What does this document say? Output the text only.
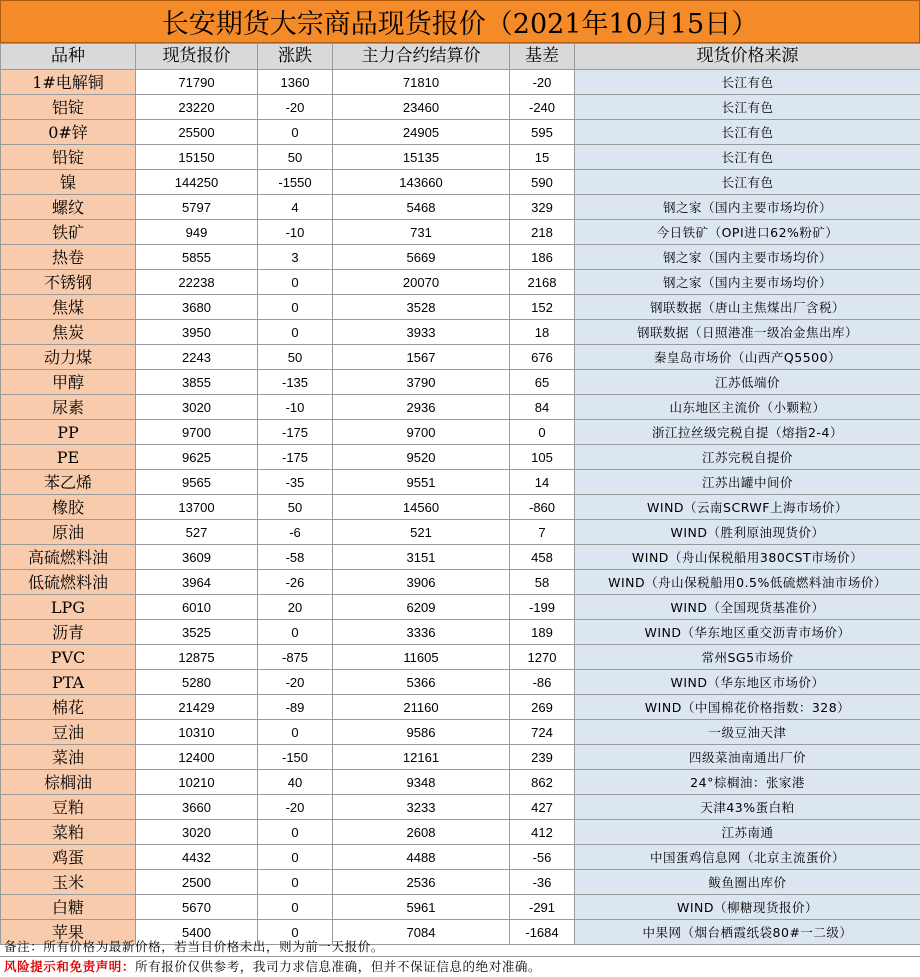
长安期货大宗商品现货报价（2021年10月15日）
品种	现货报价	涨跌	主力合约结算价	基差	现货价格来源
1#电解铜	71790	1360	71810	-20	长江有色
铝锭	23220	-20	23460	-240	长江有色
0#锌	25500	0	24905	595	长江有色
铅锭	15150	50	15135	15	长江有色
镍	144250	-1550	143660	590	长江有色
螺纹	5797	4	5468	329	钢之家（国内主要市场均价）
铁矿	949	-10	731	218	今日铁矿（OPI进口62%粉矿）
热卷	5855	3	5669	186	钢之家（国内主要市场均价）
不锈钢	22238	0	20070	2168	钢之家（国内主要市场均价）
焦煤	3680	0	3528	152	钢联数据（唐山主焦煤出厂含税）
焦炭	3950	0	3933	18	钢联数据（日照港准一级冶金焦出库）
动力煤	2243	50	1567	676	秦皇岛市场价（山西产Q5500）
甲醇	3855	-135	3790	65	江苏低端价
尿素	3020	-10	2936	84	山东地区主流价（小颗粒）
PP	9700	-175	9700	0	浙江拉丝级完税自提（熔指2-4）
PE	9625	-175	9520	105	江苏完税自提价
苯乙烯	9565	-35	9551	14	江苏出罐中间价
橡胶	13700	50	14560	-860	WIND（云南SCRWF上海市场价）
原油	527	-6	521	7	WIND（胜利原油现货价）
高硫燃料油	3609	-58	3151	458	WIND（舟山保税船用380CST市场价）
低硫燃料油	3964	-26	3906	58	WIND（舟山保税船用0.5%低硫燃料油市场价）
LPG	6010	20	6209	-199	WIND（全国现货基准价）
沥青	3525	0	3336	189	WIND（华东地区重交沥青市场价）
PVC	12875	-875	11605	1270	常州SG5市场价
PTA	5280	-20	5366	-86	WIND（华东地区市场价）
棉花	21429	-89	21160	269	WIND（中国棉花价格指数：328）
豆油	10310	0	9586	724	一级豆油天津
菜油	12400	-150	12161	239	四级菜油南通出厂价
棕榈油	10210	40	9348	862	24°棕榈油：张家港
豆粕	3660	-20	3233	427	天津43%蛋白粕
菜粕	3020	0	2608	412	江苏南通
鸡蛋	4432	0	4488	-56	中国蛋鸡信息网（北京主流蛋价）
玉米	2500	0	2536	-36	鲅鱼圈出库价
白糖	5670	0	5961	-291	WIND（柳糖现货报价）
苹果	5400	0	7084	-1684	中果网（烟台栖霞纸袋80#一二级）
备注：所有价格为最新价格，若当日价格未出，则为前一天报价。
风险提示和免责声明：所有报价仅供参考，我司力求信息准确，但并不保证信息的绝对准确。
